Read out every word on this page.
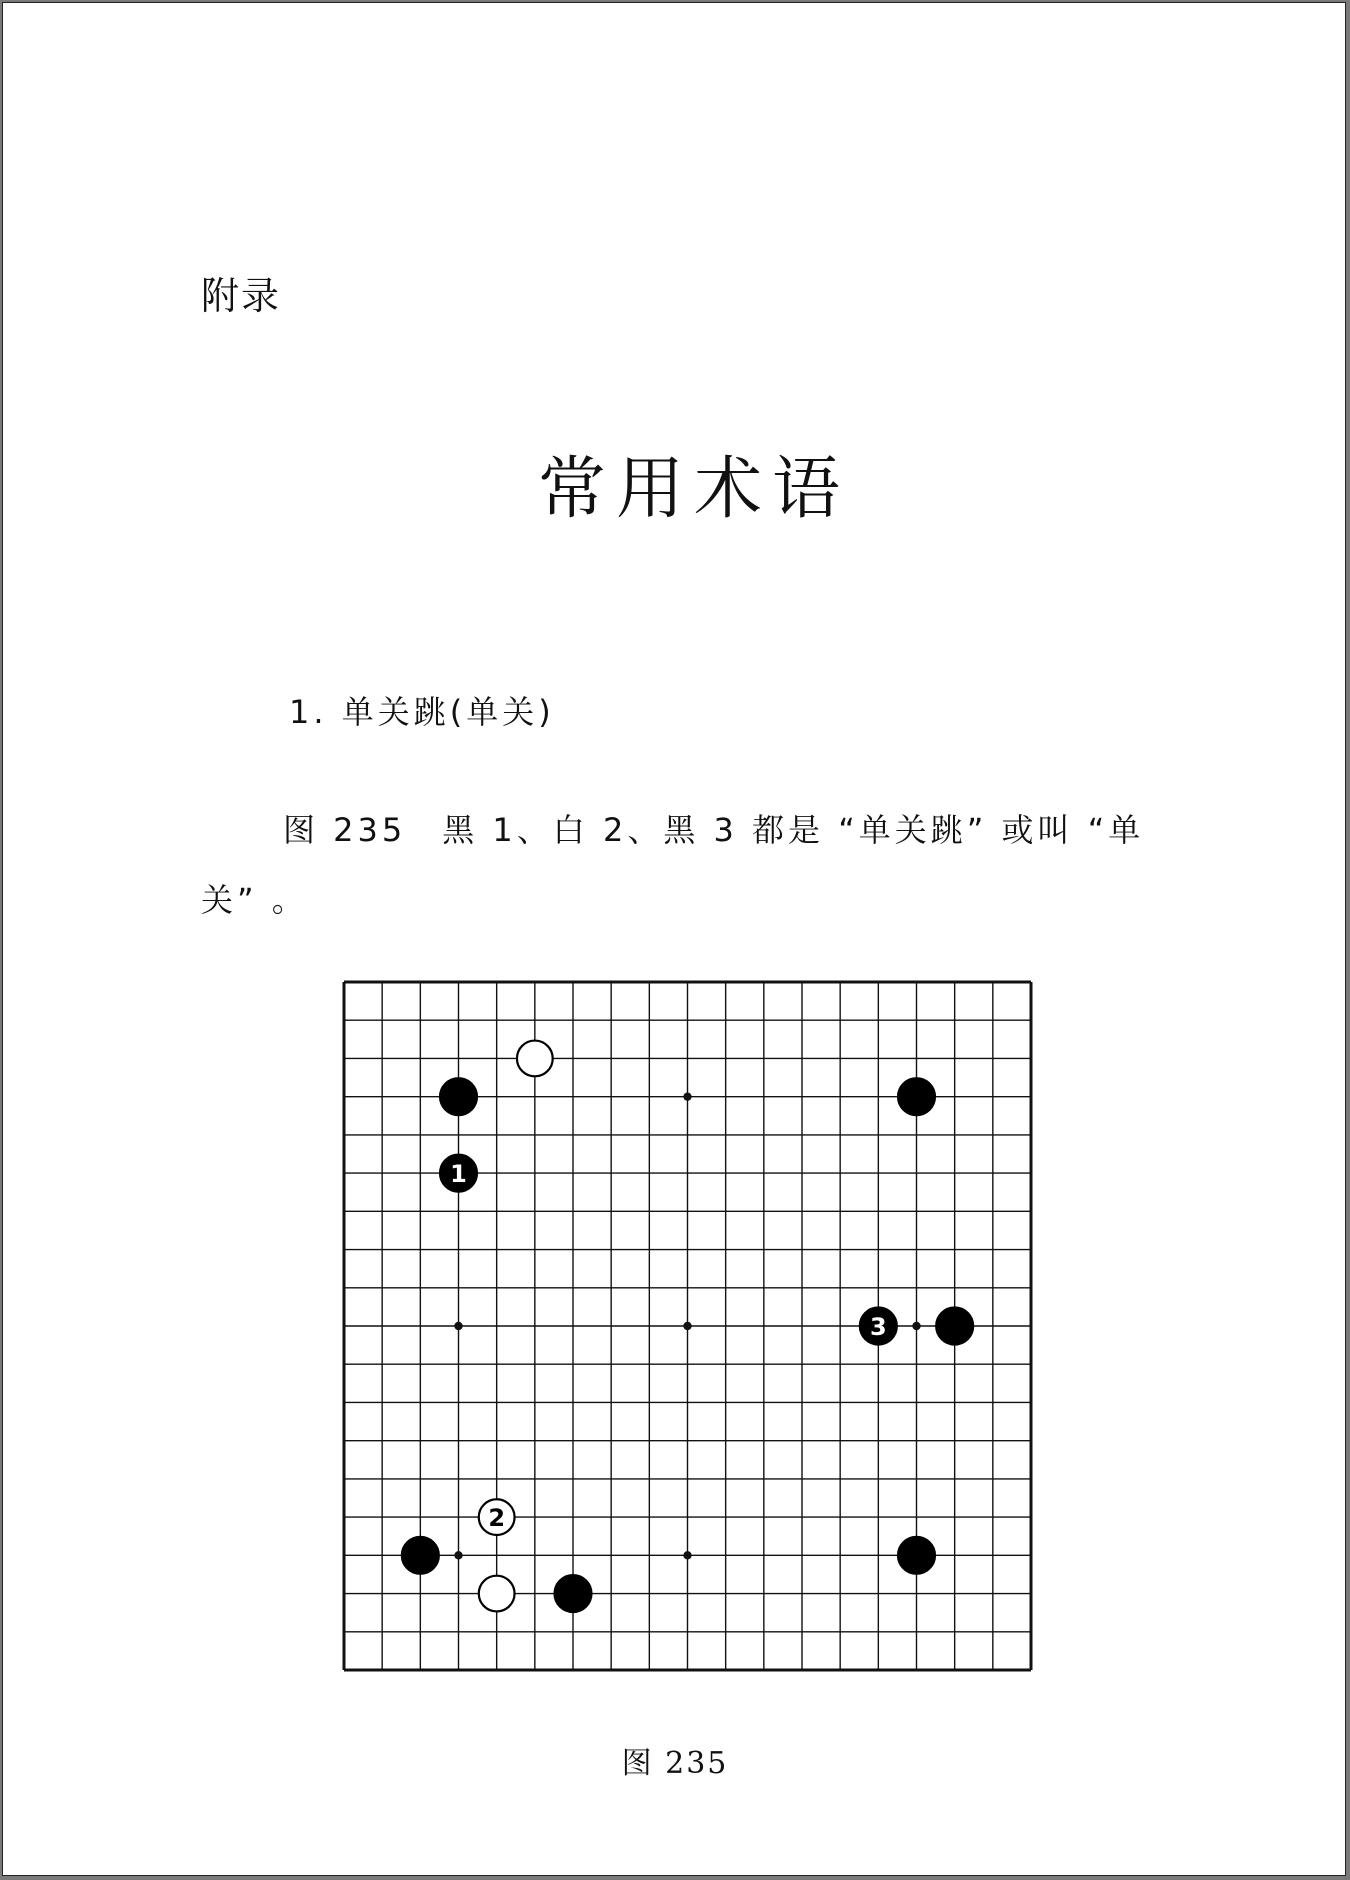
附录
常用术语
1. 单关跳(单关)

图 235　黑 1、白 2、黑 3 都是 “单关跳” 或叫 “单关” 。

1
3
2
图 235
